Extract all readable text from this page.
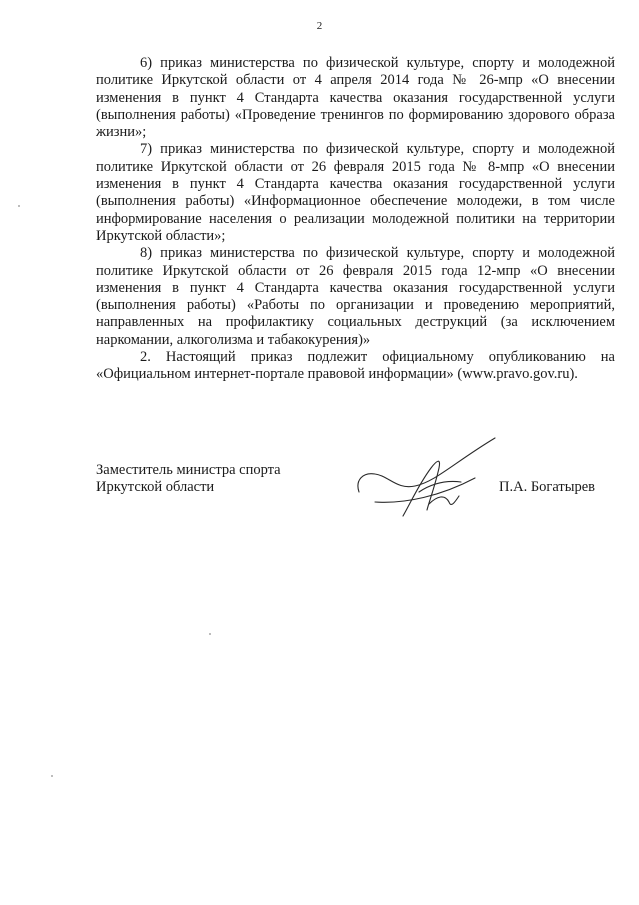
2

6) приказ министерства по физической культуре, спорту и молодежной политике Иркутской области от 4 апреля 2014 года № 26-мпр «О внесении изменения в пункт 4 Стандарта качества оказания государственной услуги (выполнения работы) «Проведение тренингов по формированию здорового образа жизни»;

7) приказ министерства по физической культуре, спорту и молодежной политике Иркутской области от 26 февраля 2015 года № 8-мпр «О внесении изменения в пункт 4 Стандарта качества оказания государственной услуги (выполнения работы) «Информационное обеспечение молодежи, в том числе информирование населения о реализации молодежной политики на территории Иркутской области»;

8) приказ министерства по физической культуре, спорту и молодежной политике Иркутской области от 26 февраля 2015 года 12-мпр «О внесении изменения в пункт 4 Стандарта качества оказания государственной услуги (выполнения работы) «Работы по организации и проведению мероприятий, направленных на профилактику социальных деструкций (за исключением наркомании, алкоголизма и табакокурения)»

2. Настоящий приказ подлежит официальному опубликованию на «Официальном интернет-портале правовой информации» (www.pravo.gov.ru).

Заместитель министра спорта
Иркутской области	П.А. Богатырев
